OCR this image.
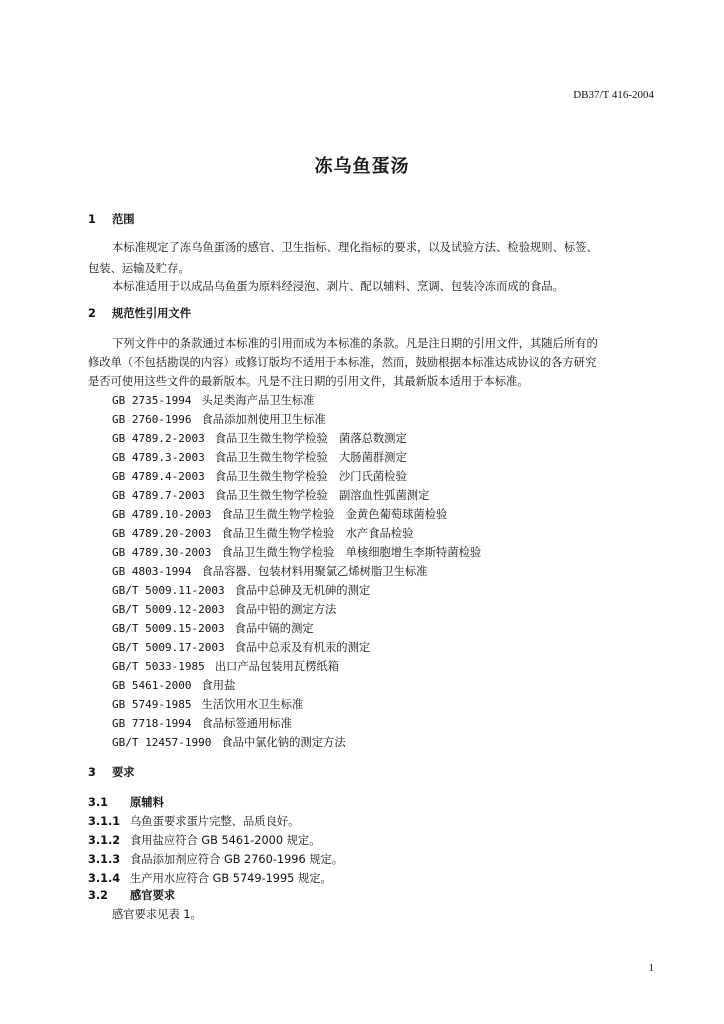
DB37/T 416-2004
冻乌鱼蛋汤
1 范围
本标准规定了冻乌鱼蛋汤的感官、卫生指标、理化指标的要求，以及试验方法、检验规则、标签、
包装、运输及贮存。
本标准适用于以成品乌鱼蛋为原料经浸泡、剥片、配以辅料、烹调、包装冷冻而成的食品。
2 规范性引用文件
下列文件中的条款通过本标准的引用而成为本标准的条款。凡是注日期的引用文件，其随后所有的
修改单（不包括勘误的内容）或修订版均不适用于本标准，然而，鼓励根据本标准达成协议的各方研究
是否可使用这些文件的最新版本。凡是不注日期的引用文件，其最新版本适用于本标准。
GB 2735-1994 头足类海产品卫生标准
GB 2760-1996 食品添加剂使用卫生标准
GB 4789.2-2003 食品卫生微生物学检验　菌落总数测定
GB 4789.3-2003 食品卫生微生物学检验　大肠菌群测定
GB 4789.4-2003 食品卫生微生物学检验　沙门氏菌检验
GB 4789.7-2003 食品卫生微生物学检验　副溶血性弧菌测定
GB 4789.10-2003 食品卫生微生物学检验　金黄色葡萄球菌检验
GB 4789.20-2003 食品卫生微生物学检验　水产食品检验
GB 4789.30-2003 食品卫生微生物学检验　单核细胞增生李斯特菌检验
GB 4803-1994 食品容器、包装材料用聚氯乙烯树脂卫生标准
GB/T 5009.11-2003 食品中总砷及无机砷的测定
GB/T 5009.12-2003 食品中铅的测定方法
GB/T 5009.15-2003 食品中镉的测定
GB/T 5009.17-2003 食品中总汞及有机汞的测定
GB/T 5033-1985 出口产品包装用瓦楞纸箱
GB 5461-2000 食用盐
GB 5749-1985 生活饮用水卫生标准
GB 7718-1994 食品标签通用标准
GB/T 12457-1990 食品中氯化钠的测定方法
3 要求
3.1 原辅料
3.1.1 乌鱼蛋要求蛋片完整、品质良好。
3.1.2 食用盐应符合 GB 5461-2000 规定。
3.1.3 食品添加剂应符合 GB 2760-1996 规定。
3.1.4 生产用水应符合 GB 5749-1995 规定。
3.2 感官要求
感官要求见表 1。
1
